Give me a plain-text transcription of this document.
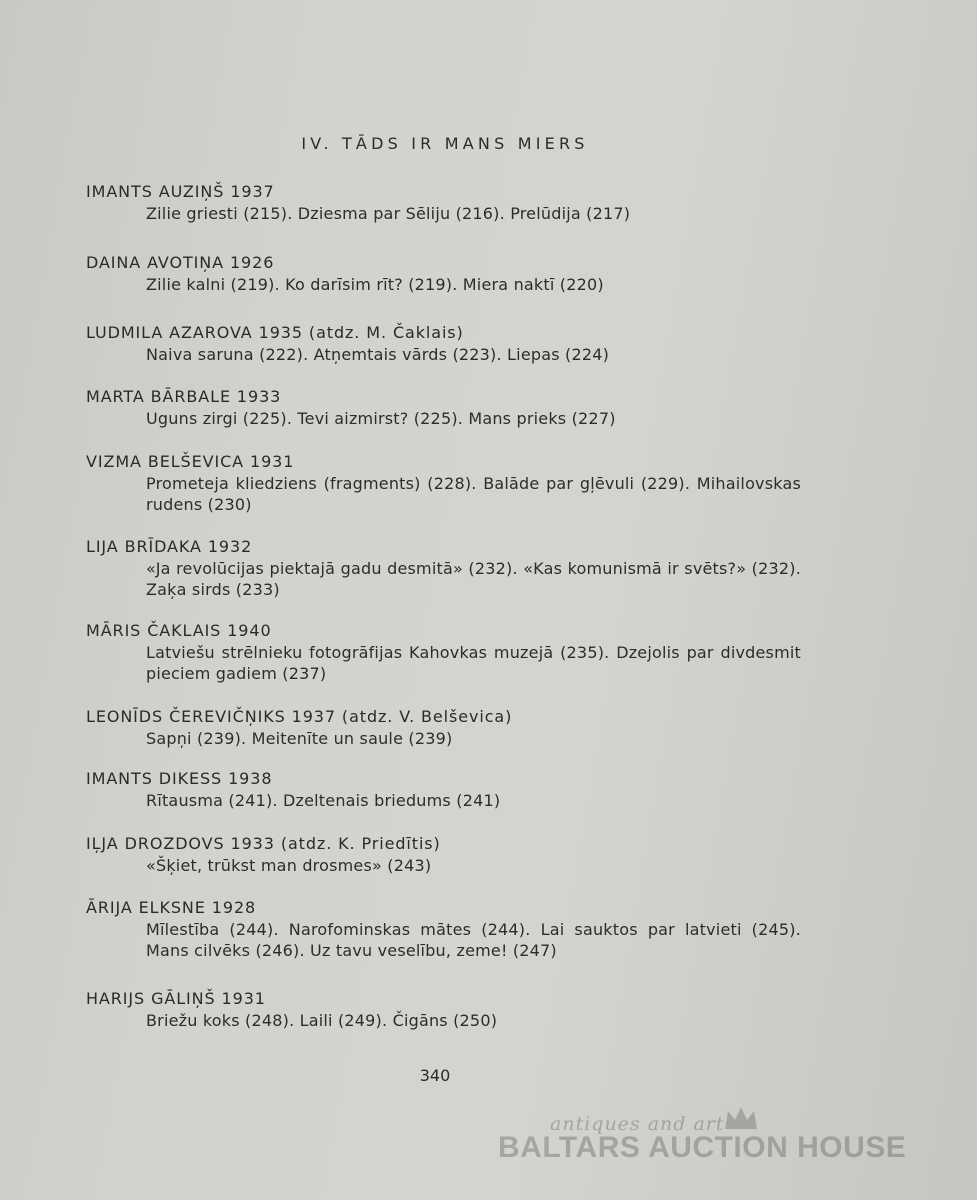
IV. TĀDS IR MANS MIERS
IMANTS AUZIŅŠ 1937
Zilie griesti (215). Dziesma par Sēliju (216). Prelūdija (217)
DAINA AVOTIŅA 1926
Zilie kalni (219). Ko darīsim rīt? (219). Miera naktī (220)
LUDMILA AZAROVA 1935 (atdz. M. Čaklais)
Naiva saruna (222). Atņemtais vārds (223). Liepas (224)
MARTA BĀRBALE 1933
Uguns zirgi (225). Tevi aizmirst? (225). Mans prieks (227)
VIZMA BELŠEVICA 1931
Prometeja kliedziens (fragments) (228). Balāde par gļēvuli (229). Mihailovskas rudens (230)
LIJA BRĪDAKA 1932
«Ja revolūcijas piektajā gadu desmitā» (232). «Kas komunismā ir svēts?» (232). Zaķa sirds (233)
MĀRIS ČAKLAIS 1940
Latviešu strēlnieku fotogrāfijas Kahovkas muzejā (235). Dzejolis par divdesmit pieciem gadiem (237)
LEONĪDS ČEREVIČŅIKS 1937 (atdz. V. Belševica)
Sapņi (239). Meitenīte un saule (239)
IMANTS DIKESS 1938
Rītausma (241). Dzeltenais briedums (241)
IĻJA DROZDOVS 1933 (atdz. K. Priedītis)
«Šķiet, trūkst man drosmes» (243)
ĀRIJA ELKSNE 1928
Mīlestība (244). Narofominskas mātes (244). Lai sauktos par latvieti (245). Mans cilvēks (246). Uz tavu veselību, zeme! (247)
HARIJS GĀLIŅŠ 1931
Briežu koks (248). Laili (249). Čigāns (250)
340
antiques and art
BALTARS AUCTION HOUSE
